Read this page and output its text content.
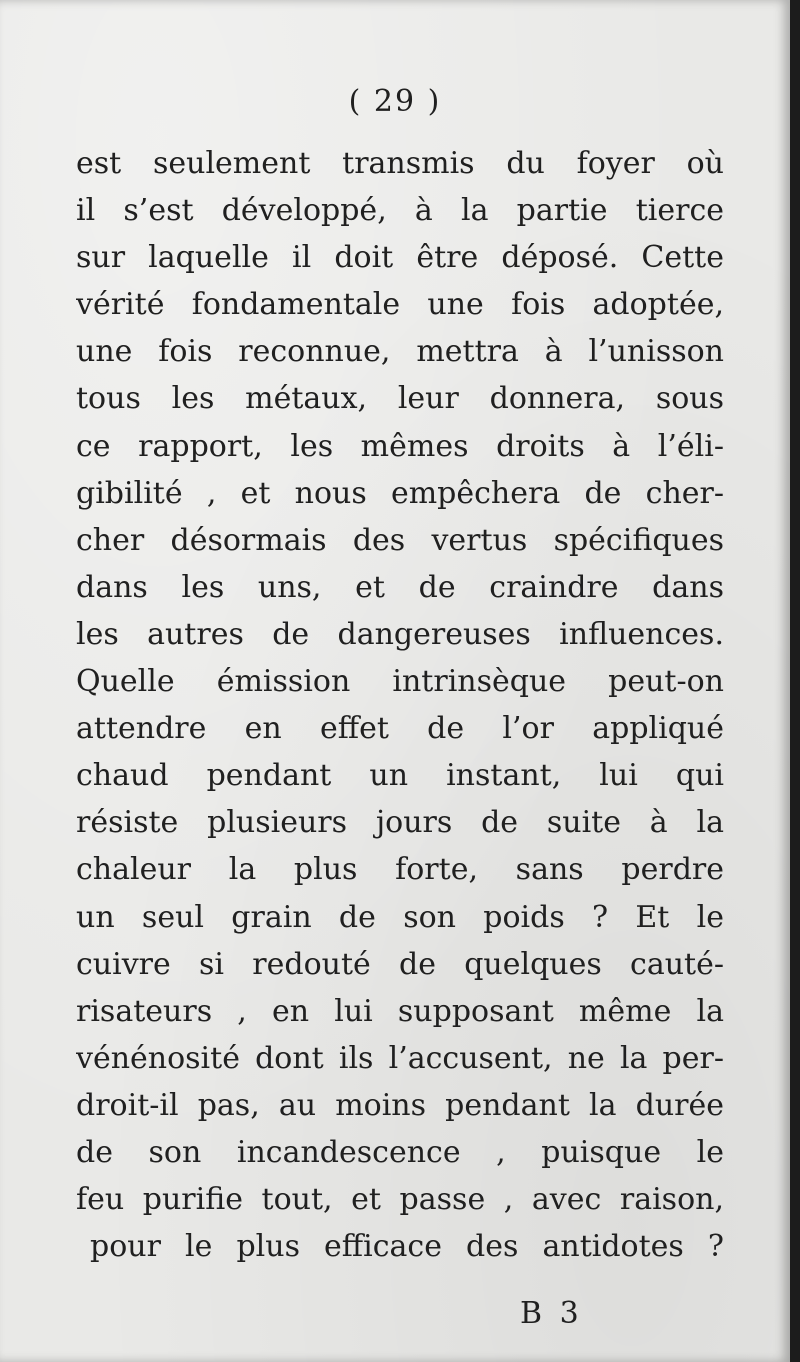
( 29 )
est seulement transmis du foyer où
il s’est développé, à la partie tierce
sur laquelle il doit être déposé. Cette
vérité fondamentale une fois adoptée,
une fois reconnue, mettra à l’unisson
tous les métaux, leur donnera, sous
ce rapport, les mêmes droits à l’éli-
gibilité , et nous empêchera de cher-
cher désormais des vertus spécifiques
dans les uns, et de craindre dans
les autres de dangereuses influences.
Quelle émission intrinsèque peut-on
attendre en effet de l’or appliqué
chaud pendant un instant, lui qui
résiste plusieurs jours de suite à la
chaleur la plus forte, sans perdre
un seul grain de son poids ? Et le
cuivre si redouté de quelques cauté-
risateurs , en lui supposant même la
vénénosité dont ils l’accusent, ne la per-
droit-il pas, au moins pendant la durée
de son incandescence , puisque le
feu purifie tout, et passe , avec raison,
pour le plus efficace des antidotes ?
B 3
